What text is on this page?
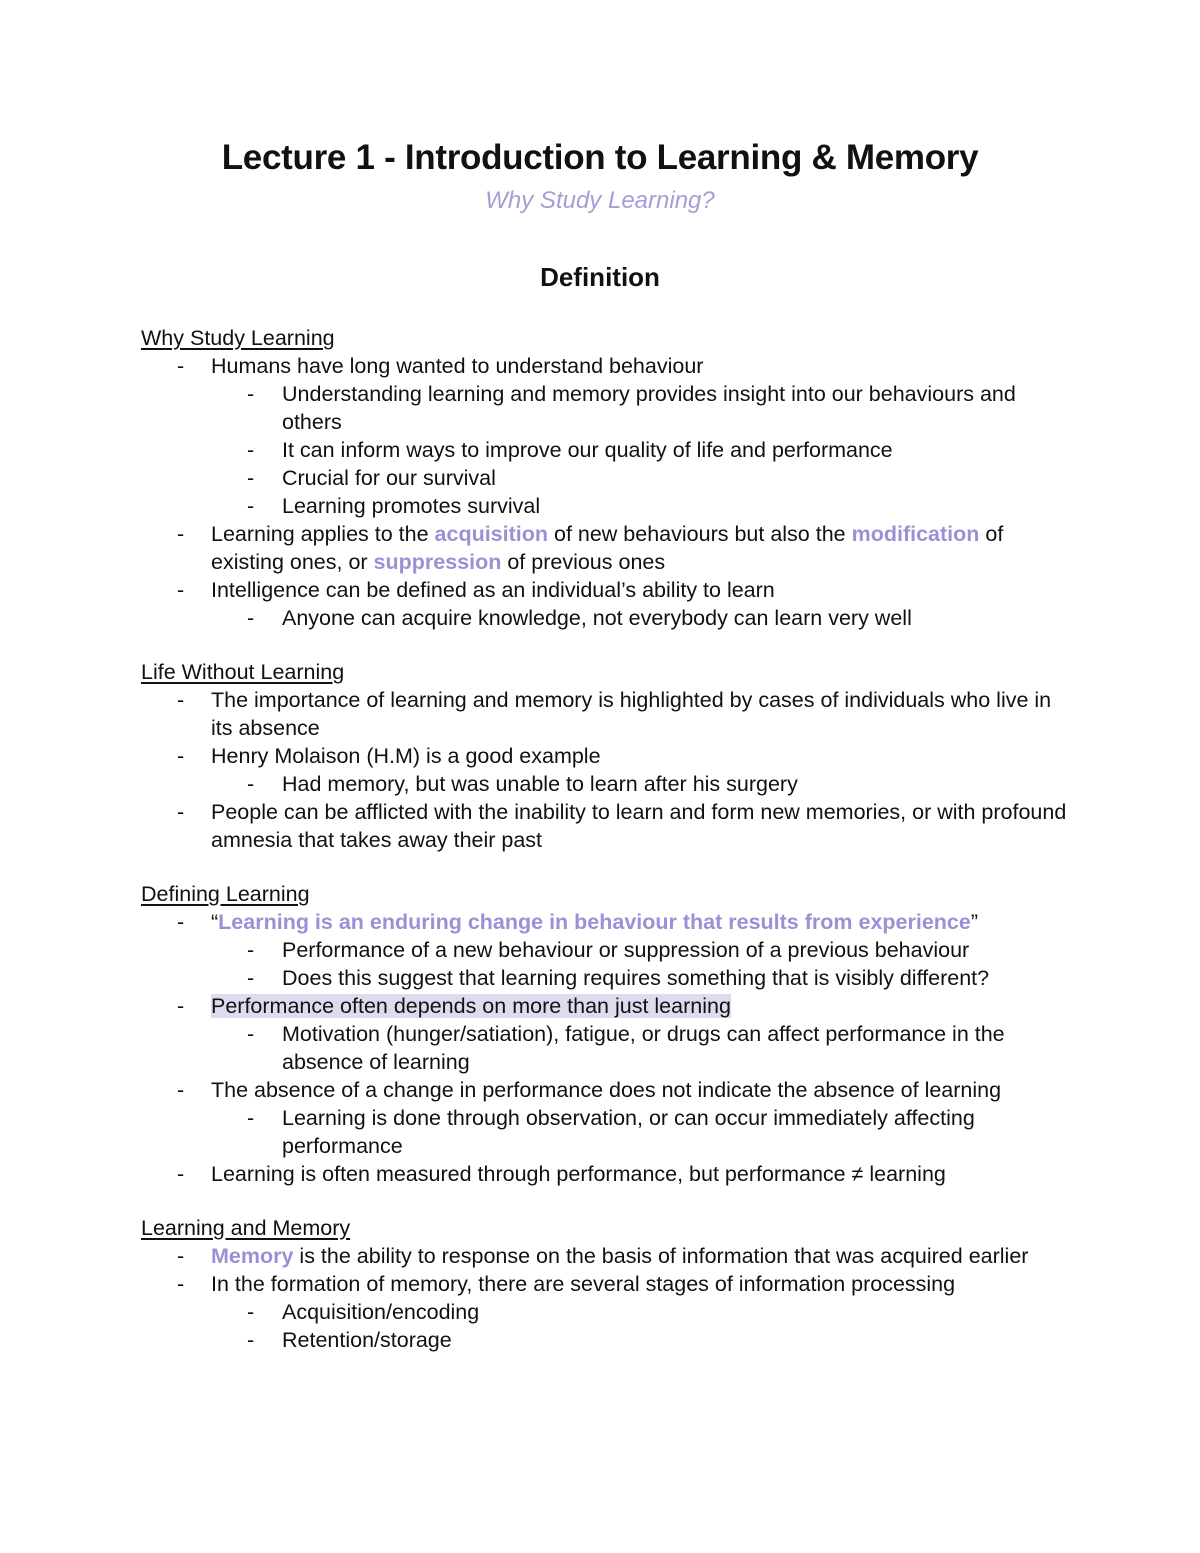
Lecture 1 - Introduction to Learning & Memory

Why Study Learning?

Definition

Why Study Learning

- Humans have long wanted to understand behaviour
- Understanding learning and memory provides insight into our behaviours and others
- It can inform ways to improve our quality of life and performance
- Crucial for our survival
- Learning promotes survival
- Learning applies to the acquisition of new behaviours but also the modification of existing ones, or suppression of previous ones
- Intelligence can be defined as an individual’s ability to learn
- Anyone can acquire knowledge, not everybody can learn very well

Life Without Learning

- The importance of learning and memory is highlighted by cases of individuals who live in its absence
- Henry Molaison (H.M) is a good example
- Had memory, but was unable to learn after his surgery
- People can be afflicted with the inability to learn and form new memories, or with profound amnesia that takes away their past

Defining Learning

- “Learning is an enduring change in behaviour that results from experience”
- Performance of a new behaviour or suppression of a previous behaviour
- Does this suggest that learning requires something that is visibly different?
- Performance often depends on more than just learning
- Motivation (hunger/satiation), fatigue, or drugs can affect performance in the absence of learning
- The absence of a change in performance does not indicate the absence of learning
- Learning is done through observation, or can occur immediately affecting performance
- Learning is often measured through performance, but performance ≠ learning

Learning and Memory

- Memory is the ability to response on the basis of information that was acquired earlier
- In the formation of memory, there are several stages of information processing
- Acquisition/encoding
- Retention/storage
